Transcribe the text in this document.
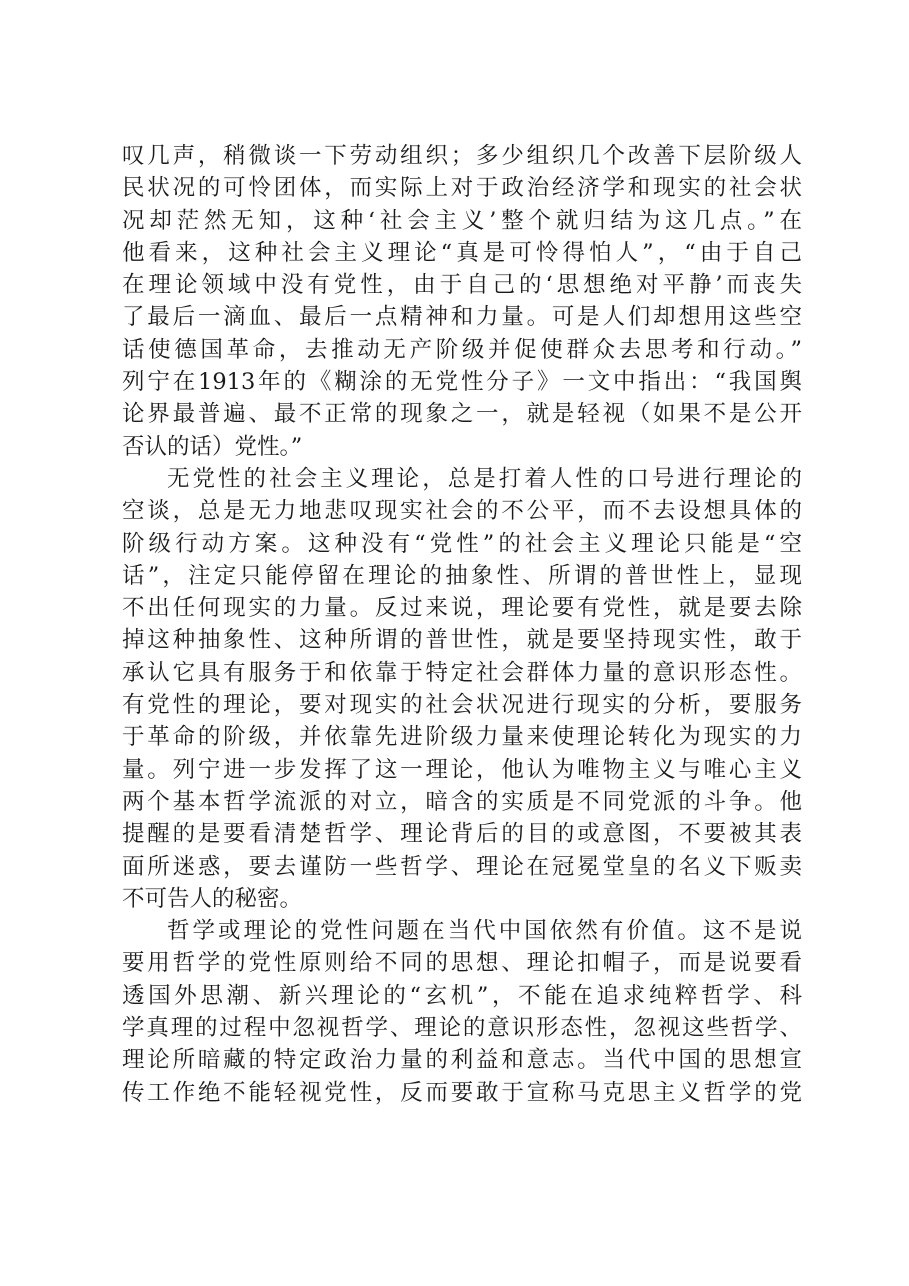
叹几声，稍微谈一下劳动组织；多少组织几个改善下层阶级人
民状况的可怜团体，而实际上对于政治经济学和现实的社会状
况却茫然无知，这种‘社会主义’整个就归结为这几点。”在
他看来，这种社会主义理论“真是可怜得怕人”，“由于自己
在理论领域中没有党性，由于自己的‘思想绝对平静’而丧失
了最后一滴血、最后一点精神和力量。可是人们却想用这些空
话使德国革命，去推动无产阶级并促使群众去思考和行动。”
列宁在1913年的《糊涂的无党性分子》一文中指出：“我国舆
论界最普遍、最不正常的现象之一，就是轻视（如果不是公开
否认的话）党性。”
无党性的社会主义理论，总是打着人性的口号进行理论的
空谈，总是无力地悲叹现实社会的不公平，而不去设想具体的
阶级行动方案。这种没有“党性”的社会主义理论只能是“空
话”，注定只能停留在理论的抽象性、所谓的普世性上，显现
不出任何现实的力量。反过来说，理论要有党性，就是要去除
掉这种抽象性、这种所谓的普世性，就是要坚持现实性，敢于
承认它具有服务于和依靠于特定社会群体力量的意识形态性。
有党性的理论，要对现实的社会状况进行现实的分析，要服务
于革命的阶级，并依靠先进阶级力量来使理论转化为现实的力
量。列宁进一步发挥了这一理论，他认为唯物主义与唯心主义
两个基本哲学流派的对立，暗含的实质是不同党派的斗争。他
提醒的是要看清楚哲学、理论背后的目的或意图，不要被其表
面所迷惑，要去谨防一些哲学、理论在冠冕堂皇的名义下贩卖
不可告人的秘密。
哲学或理论的党性问题在当代中国依然有价值。这不是说
要用哲学的党性原则给不同的思想、理论扣帽子，而是说要看
透国外思潮、新兴理论的“玄机”，不能在追求纯粹哲学、科
学真理的过程中忽视哲学、理论的意识形态性，忽视这些哲学、
理论所暗藏的特定政治力量的利益和意志。当代中国的思想宣
传工作绝不能轻视党性，反而要敢于宣称马克思主义哲学的党
